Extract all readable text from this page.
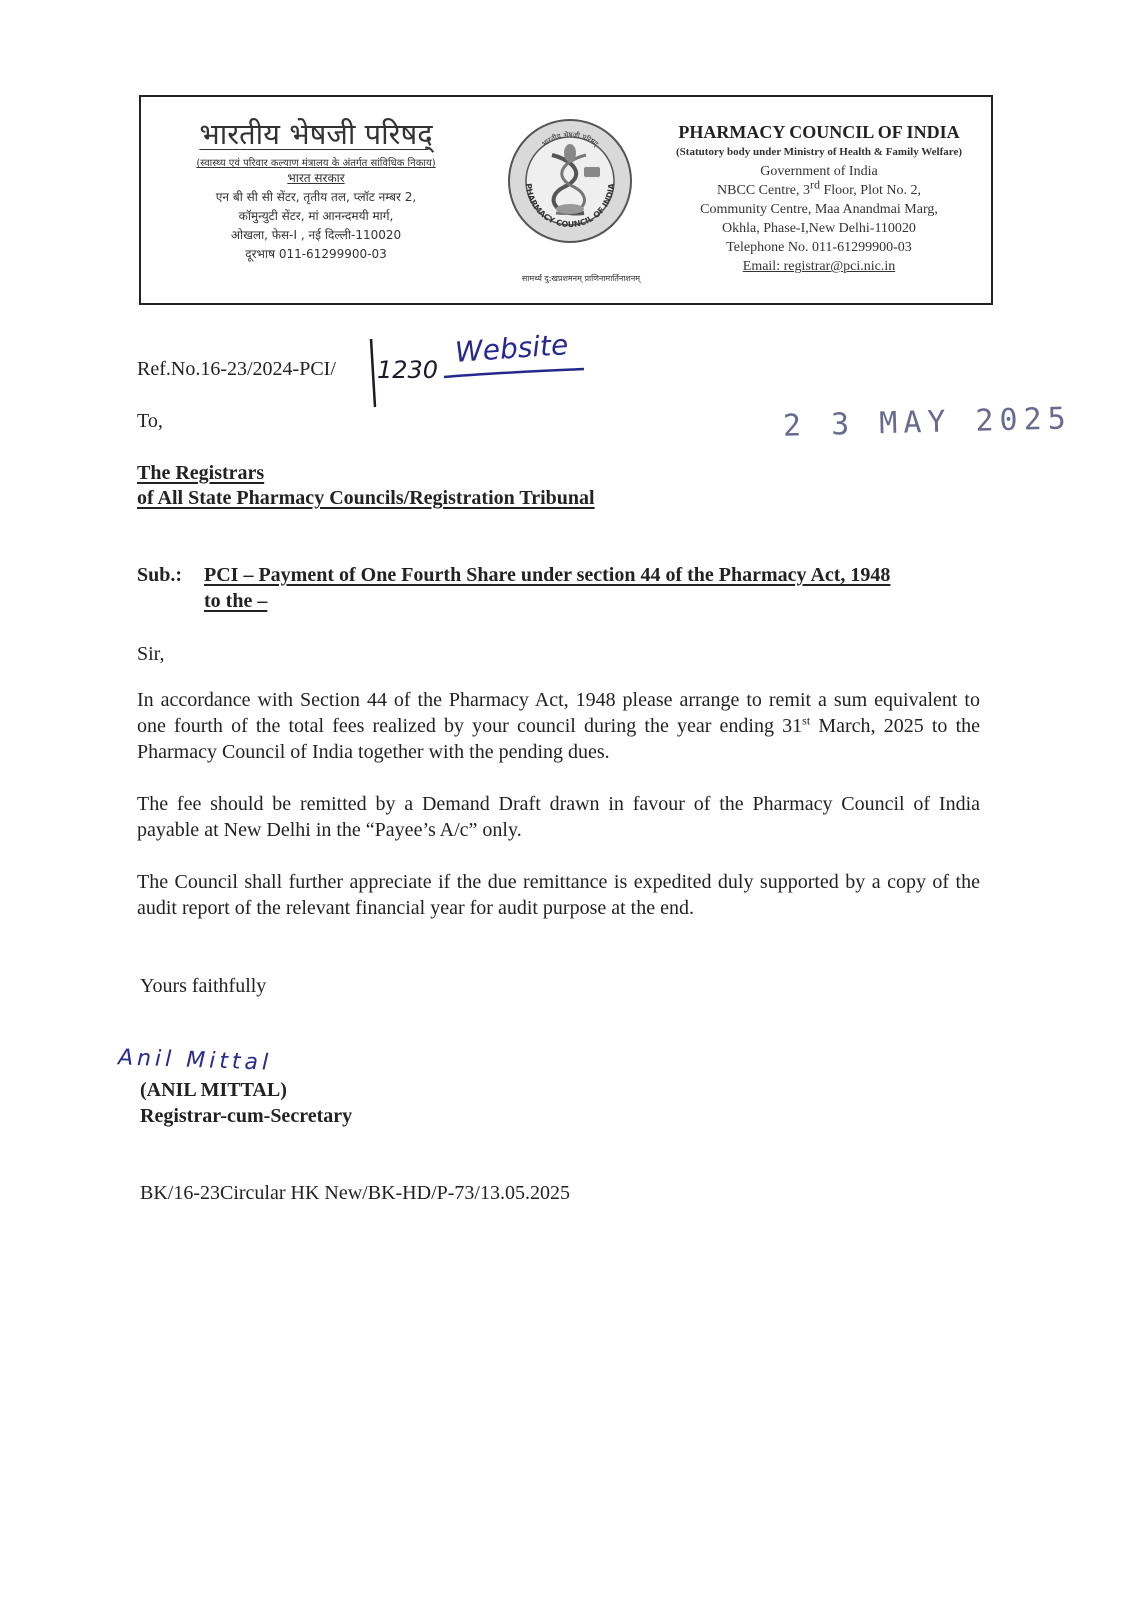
भारतीय भेषजी परिषद्
(स्वास्थ्य एवं परिवार कल्याण मंत्रालय के अंतर्गत सांविधिक निकाय)
भारत सरकार
एन बी सी सी सेंटर, तृतीय तल, प्लॉट नम्बर 2,
कॉमुन्युटी सेंटर, मां आनन्दमयी मार्ग,
ओखला, फेस-I , नई दिल्ली-110020
दूरभाष 011-61299900-03
PHARMACY COUNCIL OF INDIA
भारतीय भेषजी परिषद्
सामर्थ्य दु:खप्रशमनम् प्राणिनामार्तिनाशनम्
PHARMACY COUNCIL OF INDIA
(Statutory body under Ministry of Health & Family Welfare)
Government of India
NBCC Centre, 3rd Floor, Plot No. 2,
Community Centre, Maa Anandmai Marg,
Okhla, Phase-I,New Delhi-110020
Telephone No. 011-61299900-03
Email: registrar@pci.nic.in
Ref.No.16-23/2024-PCI/ 1230
Website
To,	2 3 MAY 2025
The Registrars
of All State Pharmacy Councils/Registration Tribunal
Sub.: PCI – Payment of One Fourth Share under section 44 of the Pharmacy Act, 1948
to the –
Sir,
In accordance with Section 44 of the Pharmacy Act, 1948 please arrange to remit a sum equivalent to one fourth of the total fees realized by your council during the year ending 31st March, 2025 to the Pharmacy Council of India together with the pending dues.
The fee should be remitted by a Demand Draft drawn in favour of the Pharmacy Council of India payable at New Delhi in the “Payee’s A/c” only.
The Council shall further appreciate if the due remittance is expedited duly supported by a copy of the audit report of the relevant financial year for audit purpose at the end.
Yours faithfully
Anil Mittal
(ANIL MITTAL)
Registrar-cum-Secretary
BK/16-23Circular HK New/BK-HD/P-73/13.05.2025
